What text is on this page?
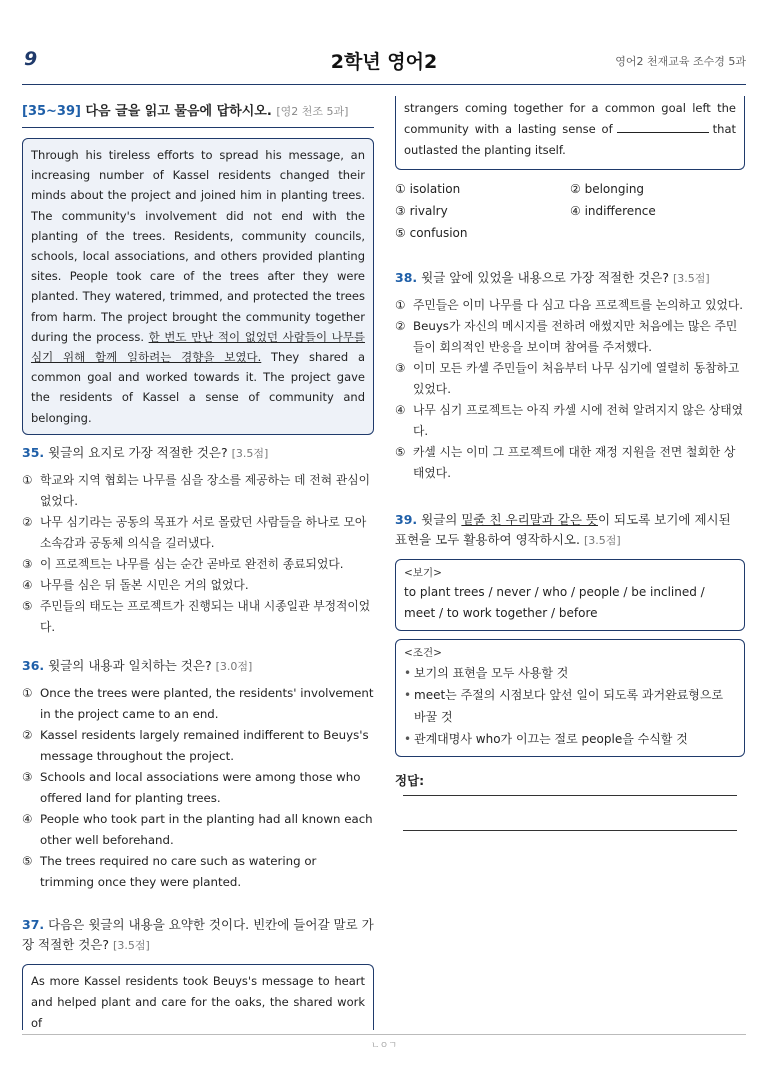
9	2학년 영어2	영어2 천재교육 조수경 5과
[35~39] 다음 글을 읽고 물음에 답하시오. [영2 천조 5과]
Through his tireless efforts to spread his message, an increasing number of Kassel residents changed their minds about the project and joined him in planting trees. The community's involvement did not end with the planting of the trees. Residents, community councils, schools, local associations, and others provided planting sites. People took care of the trees after they were planted. They watered, trimmed, and protected the trees from harm. The project brought the community together during the process. 한 번도 만난 적이 없었던 사람들이 나무를 심기 위해 함께 일하려는 경향을 보였다. They shared a common goal and worked towards it. The project gave the residents of Kassel a sense of community and belonging.
35. 윗글의 요지로 가장 적절한 것은? [3.5점]
① 학교와 지역 협회는 나무를 심을 장소를 제공하는 데 전혀 관심이 없었다.
② 나무 심기라는 공동의 목표가 서로 몰랐던 사람들을 하나로 모아 소속감과 공동체 의식을 길러냈다.
③ 이 프로젝트는 나무를 심는 순간 곧바로 완전히 종료되었다.
④ 나무를 심은 뒤 돌본 시민은 거의 없었다.
⑤ 주민들의 태도는 프로젝트가 진행되는 내내 시종일관 부정적이었다.
36. 윗글의 내용과 일치하는 것은? [3.0점]
① Once the trees were planted, the residents' involvement in the project came to an end.
② Kassel residents largely remained indifferent to Beuys's message throughout the project.
③ Schools and local associations were among those who offered land for planting trees.
④ People who took part in the planting had all known each other well beforehand.
⑤ The trees required no care such as watering or trimming once they were planted.
37. 다음은 윗글의 내용을 요약한 것이다. 빈칸에 들어갈 말로 가장 적절한 것은? [3.5점]
As more Kassel residents took Beuys's message to heart and helped plant and care for the oaks, the shared work of
strangers coming together for a common goal left the community with a lasting sense of	that outlasted the planting itself.
① isolation	② belonging
③ rivalry	④ indifference
⑤ confusion
38. 윗글 앞에 있었을 내용으로 가장 적절한 것은? [3.5점]
① 주민들은 이미 나무를 다 심고 다음 프로젝트를 논의하고 있었다.
② Beuys가 자신의 메시지를 전하려 애썼지만 처음에는 많은 주민들이 회의적인 반응을 보이며 참여를 주저했다.
③ 이미 모든 카셀 주민들이 처음부터 나무 심기에 열렬히 동참하고 있었다.
④ 나무 심기 프로젝트는 아직 카셀 시에 전혀 알려지지 않은 상태였다.
⑤ 카셀 시는 이미 그 프로젝트에 대한 재정 지원을 전면 철회한 상태였다.
39. 윗글의 밑줄 친 우리말과 같은 뜻이 되도록 보기에 제시된 표현을 모두 활용하여 영작하시오. [3.5점]
<보기>
to plant trees / never / who / people / be inclined / meet / to work together / before
<조건>
• 보기의 표현을 모두 사용할 것
• meet는 주절의 시점보다 앞선 일이 되도록 과거완료형으로 바꿀 것
• 관계대명사 who가 이끄는 절로 people을 수식할 것
정답:
ㄴㅇㄱ
